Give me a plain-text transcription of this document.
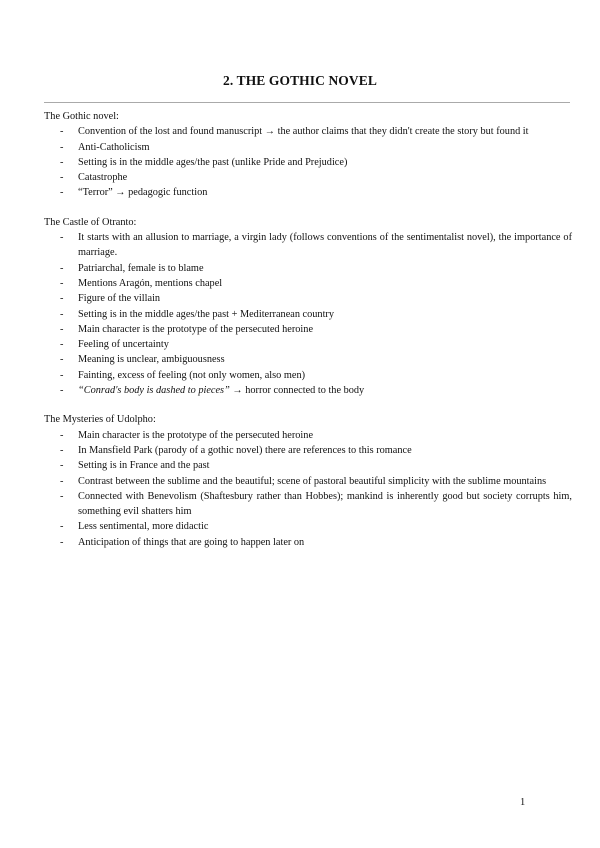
2. THE GOTHIC NOVEL

The Gothic novel:

- Convention of the lost and found manuscript → the author claims that they didn't create the story but found it
- Anti-Catholicism
- Setting is in the middle ages/the past (unlike Pride and Prejudice)
- Catastrophe
- “Terror” → pedagogic function

The Castle of Otranto:

- It starts with an allusion to marriage, a virgin lady (follows conventions of the sentimentalist novel), the importance of marriage.
- Patriarchal, female is to blame
- Mentions Aragón, mentions chapel
- Figure of the villain
- Setting is in the middle ages/the past + Mediterranean country
- Main character is the prototype of the persecuted heroine
- Feeling of uncertainty
- Meaning is unclear, ambiguousness
- Fainting, excess of feeling (not only women, also men)
- “Conrad's body is dashed to pieces” → horror connected to the body

The Mysteries of Udolpho:

- Main character is the prototype of the persecuted heroine
- In Mansfield Park (parody of a gothic novel) there are references to this romance
- Setting is in France and the past
- Contrast between the sublime and the beautiful; scene of pastoral beautiful simplicity with the sublime mountains
- Connected with Benevolism (Shaftesbury rather than Hobbes); mankind is inherently good but society corrupts him, something evil shatters him
- Less sentimental, more didactic
- Anticipation of things that are going to happen later on
1
